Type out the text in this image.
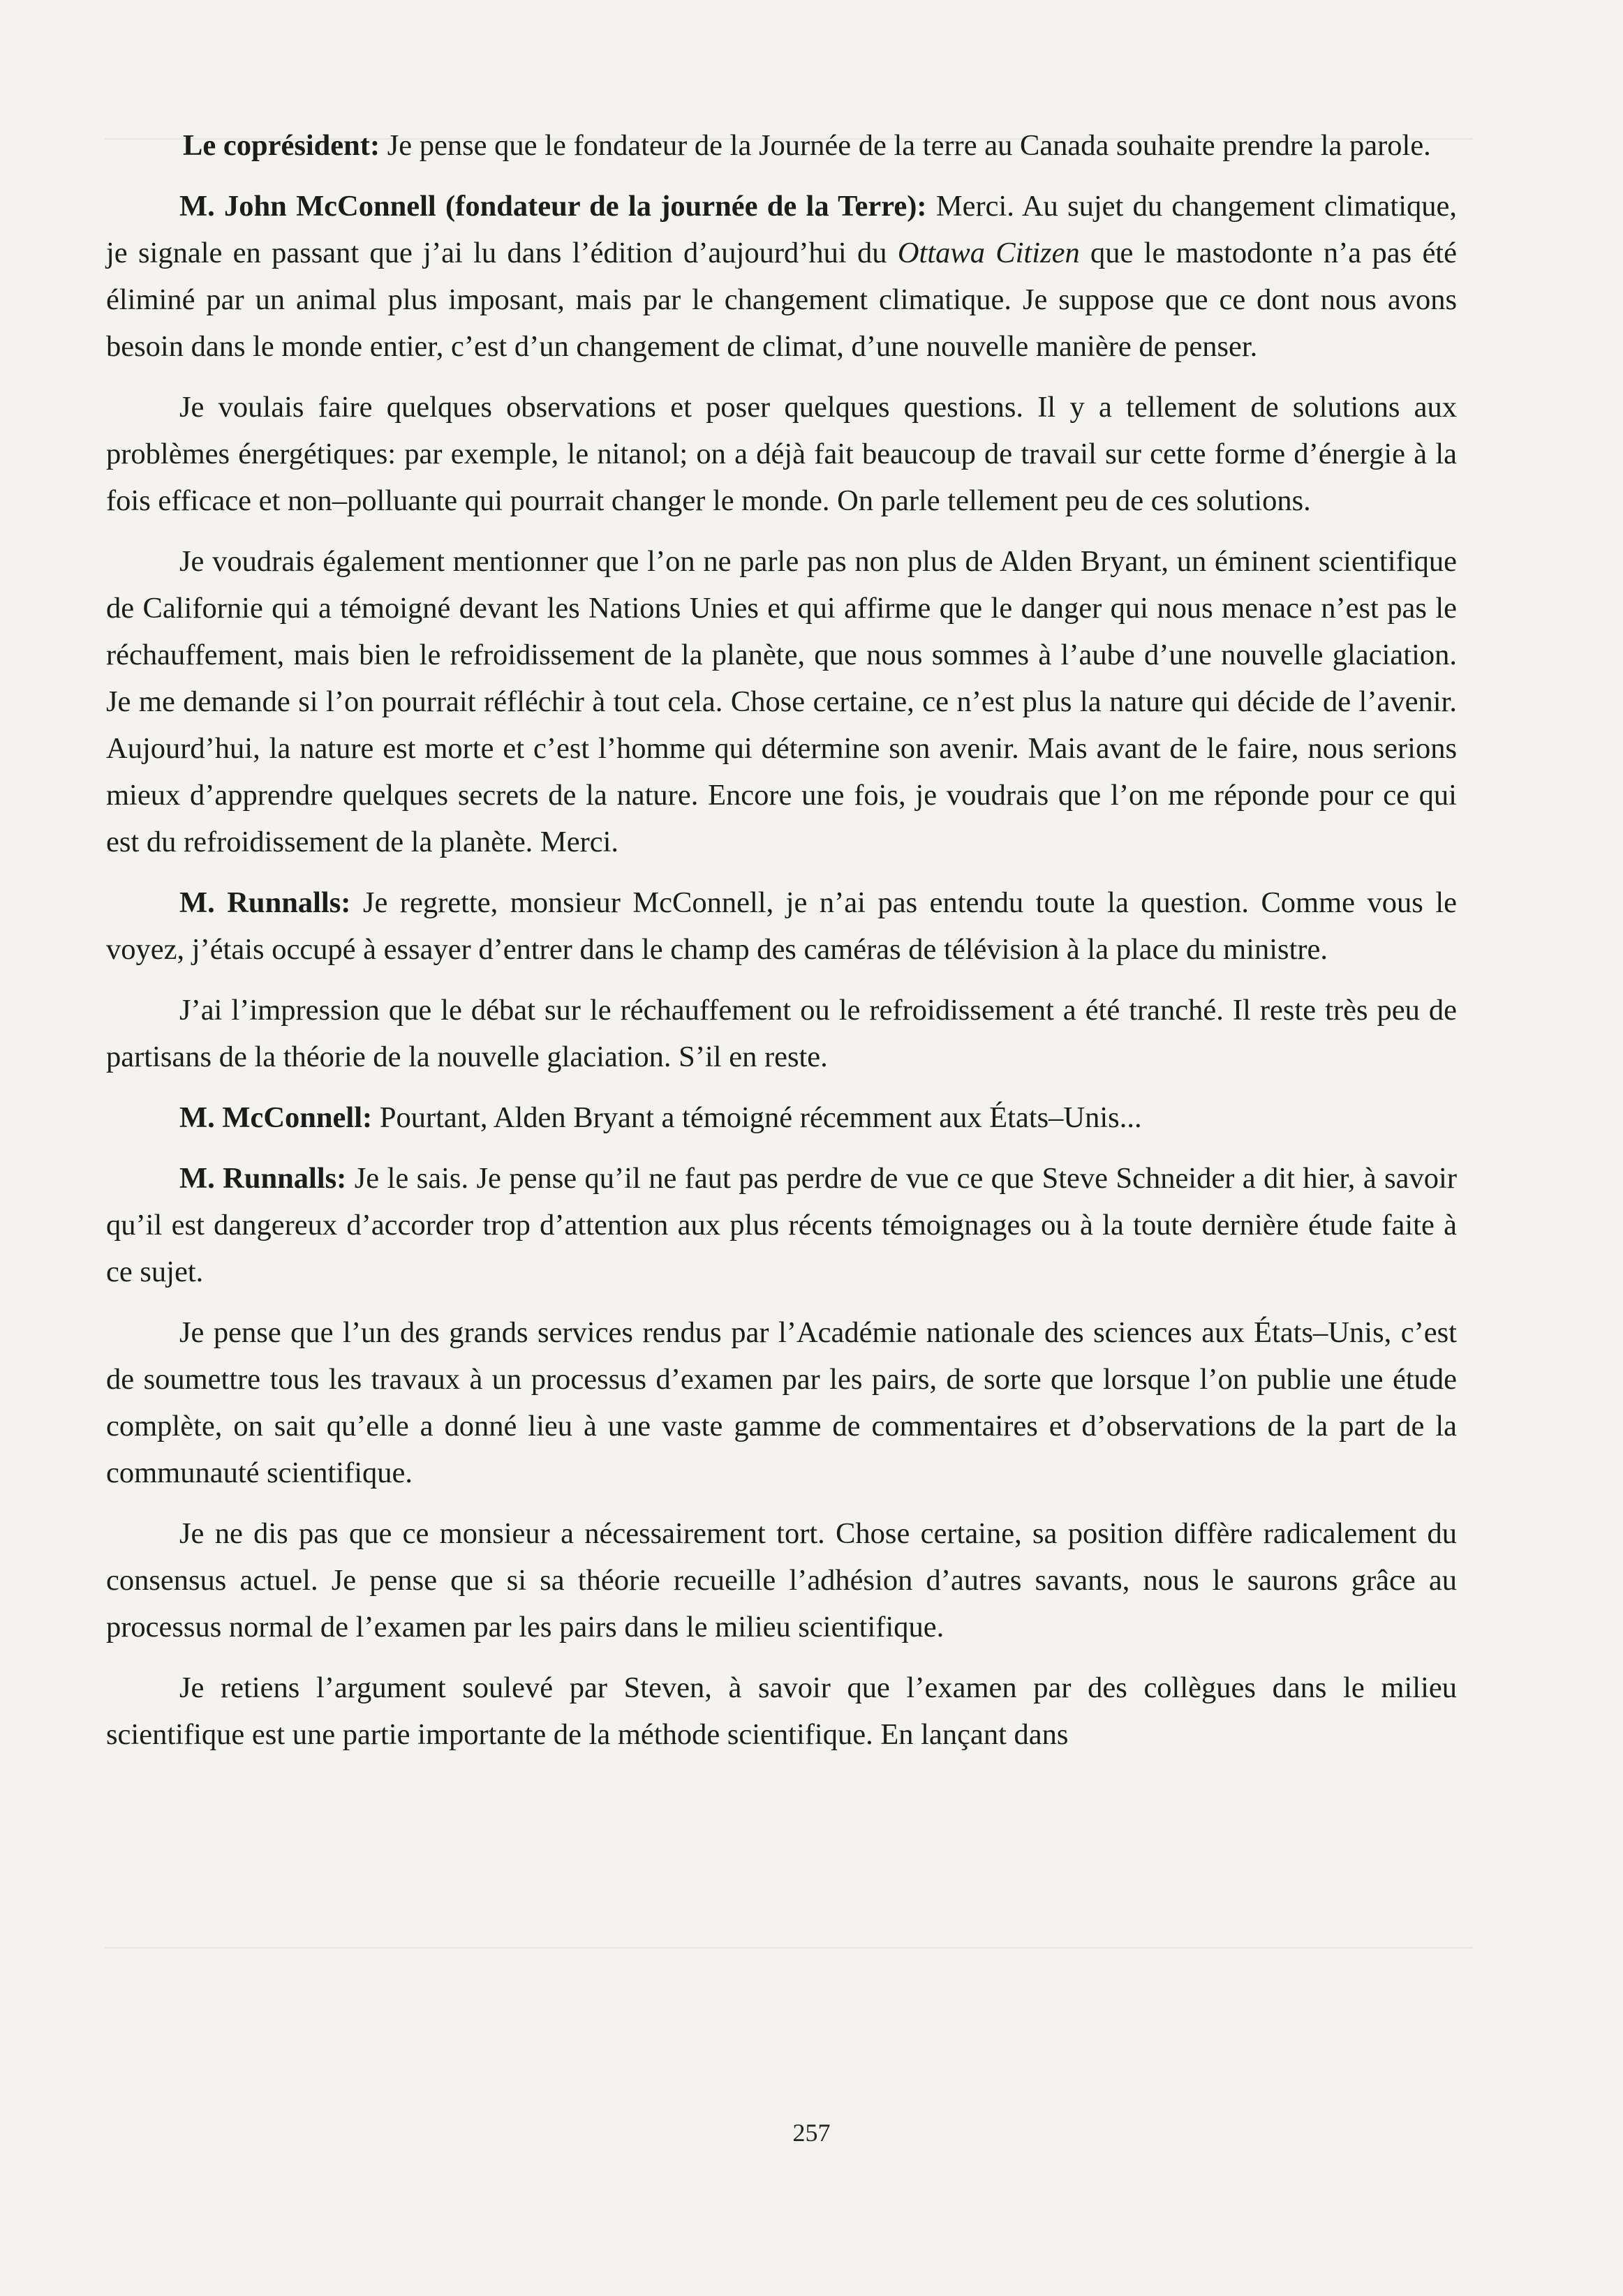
Le coprésident: Je pense que le fondateur de la Journée de la terre au Canada souhaite prendre la parole.

M. John McConnell (fondateur de la journée de la Terre): Merci. Au sujet du changement climatique, je signale en passant que j’ai lu dans l’édition d’aujourd’hui du Ottawa Citizen que le mastodonte n’a pas été éliminé par un animal plus imposant, mais par le changement climatique. Je suppose que ce dont nous avons besoin dans le monde entier, c’est d’un changement de climat, d’une nouvelle manière de penser.

Je voulais faire quelques observations et poser quelques questions. Il y a tellement de solutions aux problèmes énergétiques: par exemple, le nitanol; on a déjà fait beaucoup de travail sur cette forme d’énergie à la fois efficace et non–polluante qui pourrait changer le monde. On parle tellement peu de ces solutions.

Je voudrais également mentionner que l’on ne parle pas non plus de Alden Bryant, un éminent scientifique de Californie qui a témoigné devant les Nations Unies et qui affirme que le danger qui nous menace n’est pas le réchauffement, mais bien le refroidissement de la planète, que nous sommes à l’aube d’une nouvelle glaciation. Je me demande si l’on pourrait réfléchir à tout cela. Chose certaine, ce n’est plus la nature qui décide de l’avenir. Aujourd’hui, la nature est morte et c’est l’homme qui détermine son avenir. Mais avant de le faire, nous serions mieux d’apprendre quelques secrets de la nature. Encore une fois, je voudrais que l’on me réponde pour ce qui est du refroidissement de la planète. Merci.

M. Runnalls: Je regrette, monsieur McConnell, je n’ai pas entendu toute la question. Comme vous le voyez, j’étais occupé à essayer d’entrer dans le champ des caméras de télévision à la place du ministre.

J’ai l’impression que le débat sur le réchauffement ou le refroidissement a été tranché. Il reste très peu de partisans de la théorie de la nouvelle glaciation. S’il en reste.

M. McConnell: Pourtant, Alden Bryant a témoigné récemment aux États–Unis...

M. Runnalls: Je le sais. Je pense qu’il ne faut pas perdre de vue ce que Steve Schneider a dit hier, à savoir qu’il est dangereux d’accorder trop d’attention aux plus récents témoignages ou à la toute dernière étude faite à ce sujet.

Je pense que l’un des grands services rendus par l’Académie nationale des sciences aux États–Unis, c’est de soumettre tous les travaux à un processus d’examen par les pairs, de sorte que lorsque l’on publie une étude complète, on sait qu’elle a donné lieu à une vaste gamme de commentaires et d’observations de la part de la communauté scientifique.

Je ne dis pas que ce monsieur a nécessairement tort. Chose certaine, sa position diffère radicalement du consensus actuel. Je pense que si sa théorie recueille l’adhésion d’autres savants, nous le saurons grâce au processus normal de l’examen par les pairs dans le milieu scientifique.

Je retiens l’argument soulevé par Steven, à savoir que l’examen par des collègues dans le milieu scientifique est une partie importante de la méthode scientifique. En lançant dans

257
